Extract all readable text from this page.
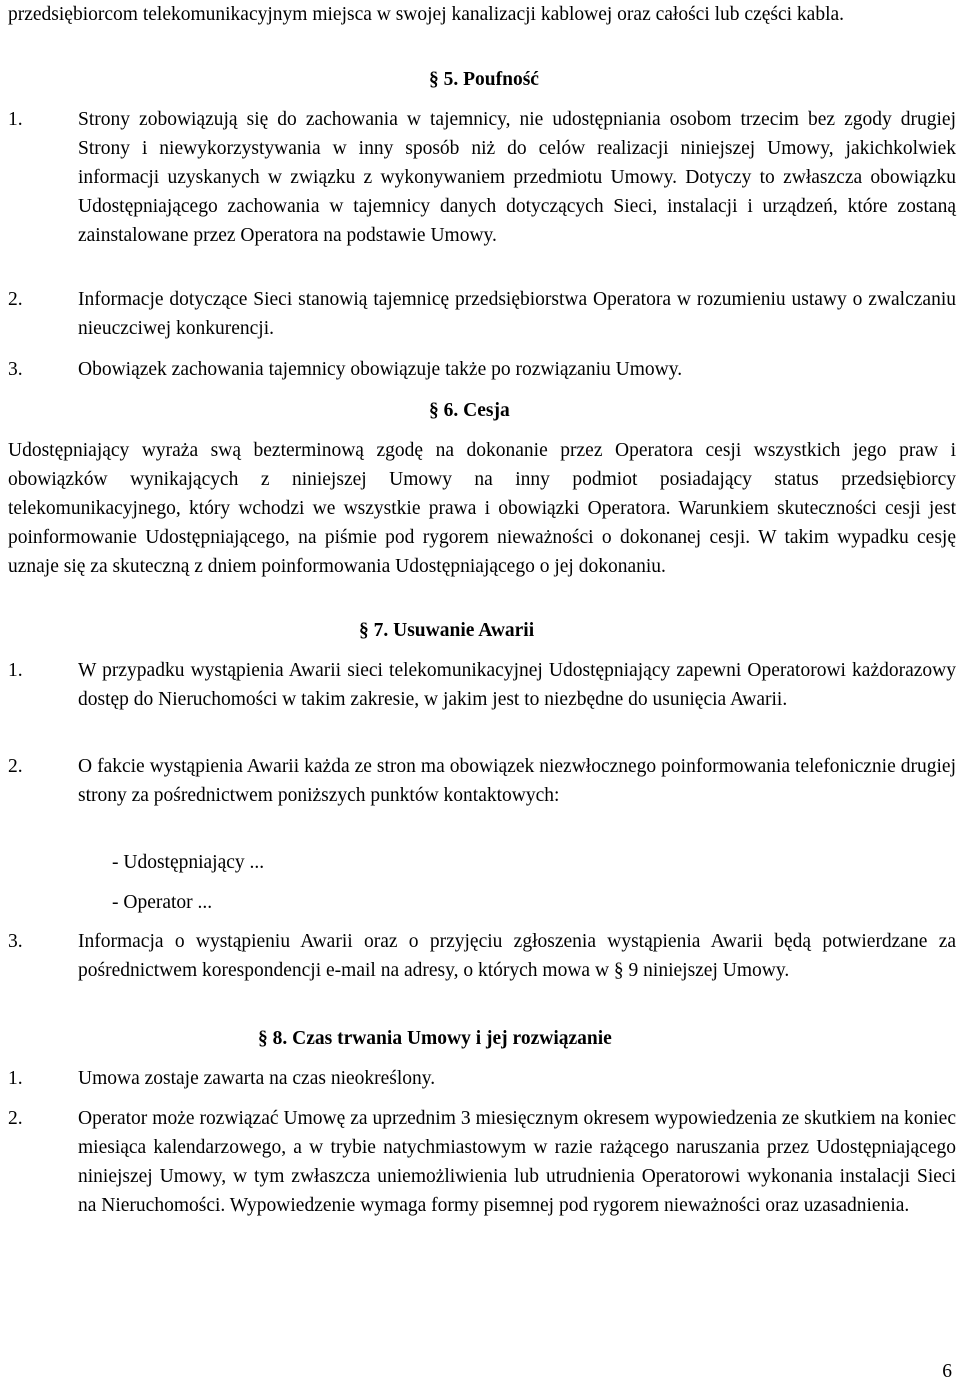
przedsiębiorcom telekomunikacyjnym miejsca w swojej kanalizacji kablowej oraz całości lub części kabla.

§ 5. Poufność

1.	Strony zobowiązują się do zachowania w tajemnicy, nie udostępniania osobom trzecim bez zgody drugiej Strony i niewykorzystywania w inny sposób niż do celów realizacji niniejszej Umowy, jakichkolwiek informacji uzyskanych w związku z wykonywaniem przedmiotu Umowy. Dotyczy to zwłaszcza obowiązku Udostępniającego zachowania w tajemnicy danych dotyczących Sieci, instalacji i urządzeń, które zostaną zainstalowane przez Operatora na podstawie Umowy.
2.	Informacje dotyczące Sieci stanowią tajemnicę przedsiębiorstwa Operatora w rozumieniu ustawy o zwalczaniu nieuczciwej konkurencji.
3.	Obowiązek zachowania tajemnicy obowiązuje także po rozwiązaniu Umowy.

§ 6. Cesja

Udostępniający wyraża swą bezterminową zgodę na dokonanie przez Operatora cesji wszystkich jego praw i obowiązków wynikających z niniejszej Umowy na inny podmiot posiadający status przedsiębiorcy telekomunikacyjnego, który wchodzi we wszystkie prawa i obowiązki Operatora. Warunkiem skuteczności cesji jest poinformowanie Udostępniającego, na piśmie pod rygorem nieważności o dokonanej cesji. W takim wypadku cesję uznaje się za skuteczną z dniem poinformowania Udostępniającego o jej dokonaniu.

§ 7. Usuwanie Awarii

1.	W przypadku wystąpienia Awarii sieci telekomunikacyjnej Udostępniający zapewni Operatorowi każdorazowy dostęp do Nieruchomości w takim zakresie, w jakim jest to niezbędne do usunięcia Awarii.
2.	O fakcie wystąpienia Awarii każda ze stron ma obowiązek niezwłocznego poinformowania telefonicznie drugiej strony za pośrednictwem poniższych punktów kontaktowych:

- Udostępniający ...

- Operator ...

3.	Informacja o wystąpieniu Awarii oraz o przyjęciu zgłoszenia wystąpienia Awarii będą potwierdzane za pośrednictwem korespondencji e-mail na adresy, o których mowa w § 9 niniejszej Umowy.

§ 8. Czas trwania Umowy i jej rozwiązanie

1.	Umowa zostaje zawarta na czas nieokreślony.
2.	Operator może rozwiązać Umowę za uprzednim 3 miesięcznym okresem wypowiedzenia ze skutkiem na koniec miesiąca kalendarzowego, a w trybie natychmiastowym w razie rażącego naruszania przez Udostępniającego niniejszej Umowy, w tym zwłaszcza uniemożliwienia lub utrudnienia Operatorowi wykonania instalacji Sieci na Nieruchomości. Wypowiedzenie wymaga formy pisemnej pod rygorem nieważności oraz uzasadnienia.
6
